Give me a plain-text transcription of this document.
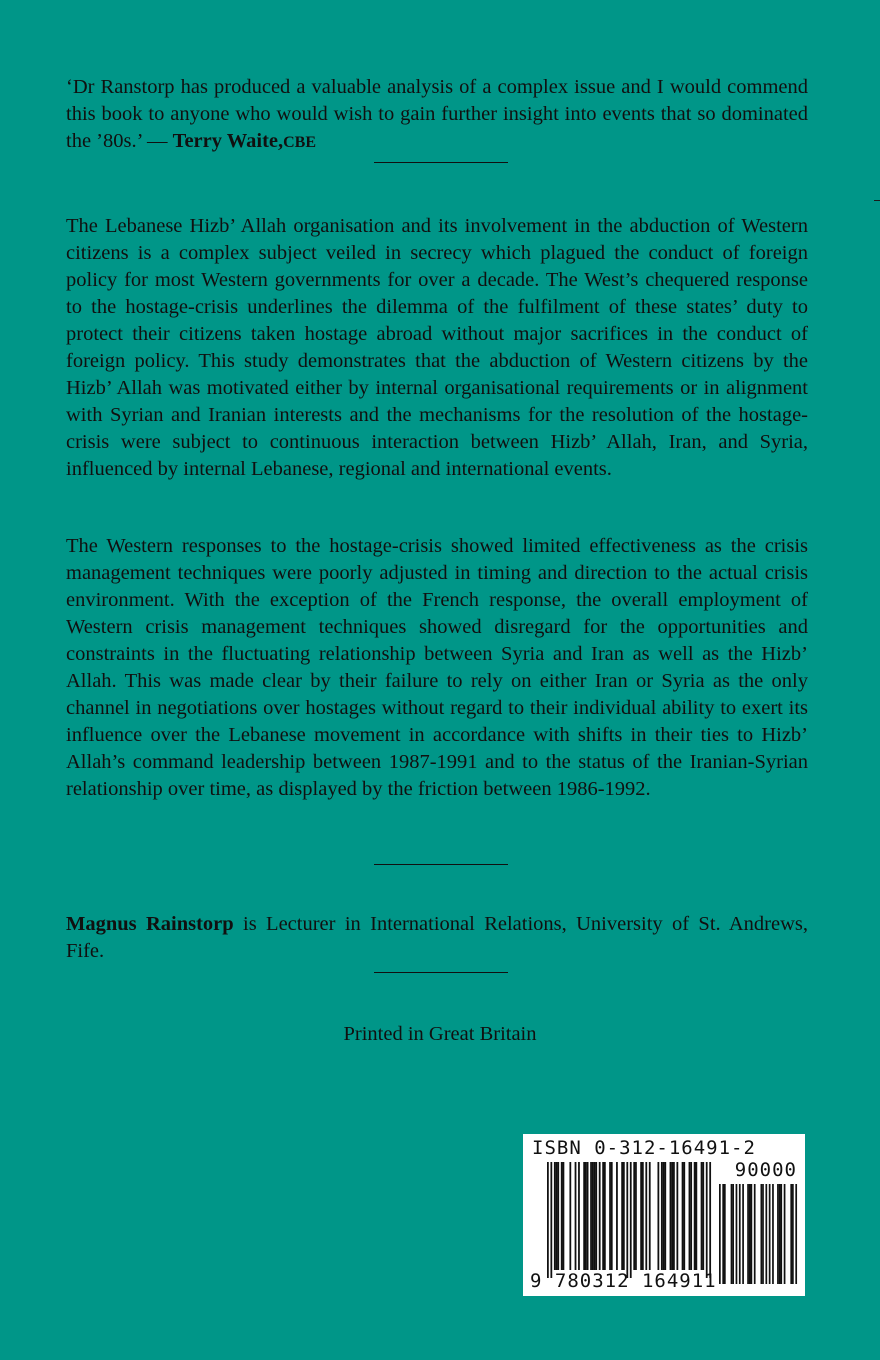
‘Dr Ranstorp has produced a valuable analysis of a complex issue and I would commend this book to anyone who would wish to gain further insight into events that so dominated the ’80s.’ — Terry Waite,CBE

The Lebanese Hizb’ Allah organisation and its involvement in the abduction of Western citizens is a complex subject veiled in secrecy which plagued the conduct of foreign policy for most Western governments for over a decade. The West’s chequered response to the hostage-crisis underlines the dilemma of the fulfilment of these states’ duty to protect their citizens taken hostage abroad without major sacrifices in the conduct of foreign policy. This study demonstrates that the abduction of Western citizens by the Hizb’ Allah was motivated either by internal organisational requirements or in alignment with Syrian and Iranian interests and the mechanisms for the resolution of the hostage-crisis were subject to continuous interaction between Hizb’ Allah, Iran, and Syria, influenced by internal Lebanese, regional and international events.

The Western responses to the hostage-crisis showed limited effectiveness as the crisis management techniques were poorly adjusted in timing and direction to the actual crisis environment. With the exception of the French response, the overall employment of Western crisis management techniques showed disregard for the opportunities and constraints in the fluctuating relationship between Syria and Iran as well as the Hizb’ Allah. This was made clear by their failure to rely on either Iran or Syria as the only channel in negotiations over hostages without regard to their individual ability to exert its influence over the Lebanese movement in accordance with shifts in their ties to Hizb’ Allah’s command leadership between 1987-1991 and to the status of the Iranian-Syrian relationship over time, as displayed by the friction between 1986-1992.

Magnus Rainstorp is Lecturer in International Relations, University of St. Andrews, Fife.

Printed in Great Britain
ISBN 0-312-16491-2
90000
9 780312 164911
